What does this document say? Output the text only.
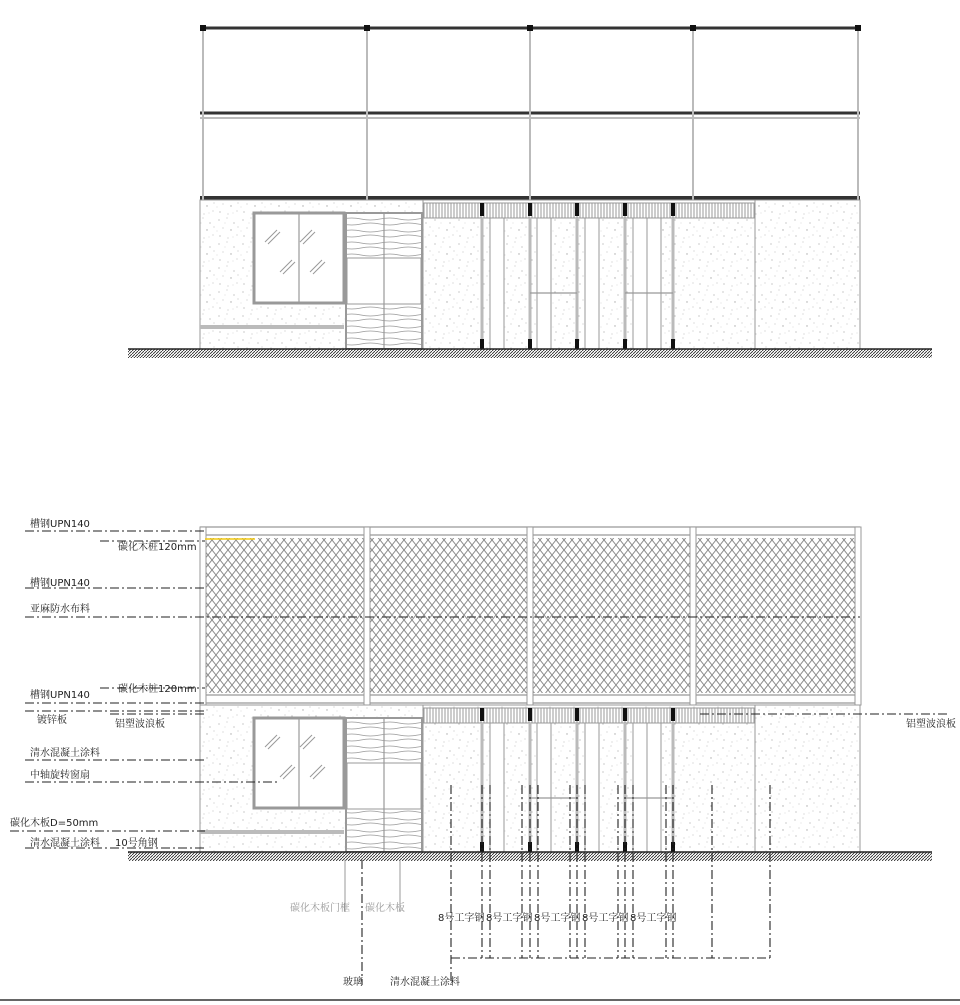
槽钢UPN140
碳化木桩120mm
槽钢UPN140
亚麻防水布料
碳化木桩120mm
槽钢UPN140
镀锌板	铝塑波浪板
清水混凝土涂料
中轴旋转窗扇
碳化木板D=50mm
清水混凝土涂料 10号角钢
铝塑波浪板
碳化木板门框 碳化木板
8号工字钢 8号工字钢 8号工字钢 8号工字钢 8号工字钢
玻璃	清水混凝土涂料
